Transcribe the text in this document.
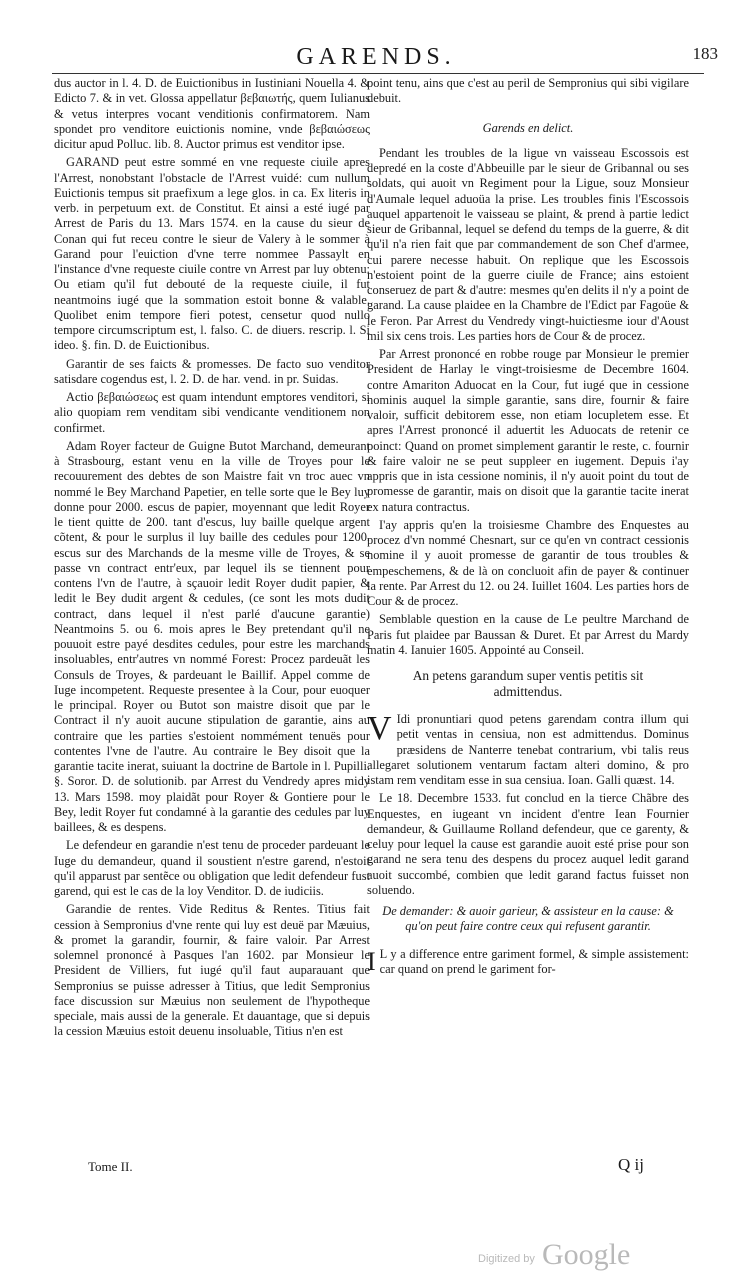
GARENDS.	183

dus auctor in l. 4. D. de Euictionibus in Iustiniani Nouella 4. & Edicto 7. & in vet. Glossa appellatur βεβαιωτής, quem Iulianus & vetus interpres vocant venditionis confirmatorem. Nam spondet pro venditore euictionis nomine, vnde βεβαιώσεως dicitur apud Polluc. lib. 8. Auctor primus est venditor ipse.

GARAND peut estre sommé en vne requeste ciuile apres l'Arrest, nonobstant l'obstacle de l'Arrest vuidé: cum nullum Euictionis tempus sit praefixum a lege glos. in ca. Ex literis in verb. in perpetuum ext. de Constitut. Et ainsi a esté iugé par Arrest de Paris du 13. Mars 1574. en la cause du sieur de Conan qui fut receu contre le sieur de Valery à le sommer à Garand pour l'euiction d'vne terre nommee Passaylt en l'instance d'vne requeste ciuile contre vn Arrest par luy obtenu: Ou etiam qu'il fut debouté de la requeste ciuile, il fut neantmoins iugé que la sommation estoit bonne & valable. Quolibet enim tempore fieri potest, censetur quod nullo tempore circumscriptum est, l. falso. C. de diuers. rescrip. l. Si ideo. §. fin. D. de Euictionibus.

Garantir de ses faicts & promesses. De facto suo venditor satisdare cogendus est, l. 2. D. de har. vend. in pr. Suidas.

Actio βεβαιώσεως est quam intendunt emptores venditori, si alio quopiam rem venditam sibi vendicante venditionem non confirmet.

Adam Royer facteur de Guigne Butot Marchand, demeurant à Strasbourg, estant venu en la ville de Troyes pour le recouurement des debtes de son Maistre fait vn troc auec vn nommé le Bey Marchand Papetier, en telle sorte que le Bey luy donne pour 2000. escus de papier, moyennant que ledit Royer le tient quitte de 200. tant d'escus, luy baille quelque argent cõtent, & pour le surplus il luy baille des cedules pour 1200. escus sur des Marchands de la mesme ville de Troyes, & se passe vn contract entr'eux, par lequel ils se tiennent pour contens l'vn de l'autre, à sçauoir ledit Royer dudit papier, & ledit le Bey dudit argent & cedules, (ce sont les mots dudit contract, dans lequel il n'est parlé d'aucune garantie) Neantmoins 5. ou 6. mois apres le Bey pretendant qu'il ne pouuoit estre payé desdites cedules, pour estre les marchands insoluables, entr'autres vn nommé Forest: Procez pardeuãt les Consuls de Troyes, & pardeuant le Baillif. Appel comme de Iuge incompetent. Requeste presentee à la Cour, pour euoquer le principal. Royer ou Butot son maistre disoit que par le Contract il n'y auoit aucune stipulation de garantie, ains au contraire que les parties s'estoient nommément tenuës pour contentes l'vne de l'autre. Au contraire le Bey disoit que la garantie tacite inerat, suiuant la doctrine de Bartole in l. Pupilli. §. Soror. D. de solutionib. par Arrest du Vendredy apres midy 13. Mars 1598. moy plaidãt pour Royer & Gontiere pour le Bey, ledit Royer fut condamné à la garantie des cedules par luy baillees, & es despens.

Le defendeur en garandie n'est tenu de proceder pardeuant le Iuge du demandeur, quand il soustient n'estre garend, n'estoit qu'il apparust par sentẽce ou obligation que ledit defendeur fust garend, qui est le cas de la loy Venditor. D. de iudiciis.

Garandie de rentes. Vide Reditus & Rentes. Titius fait cession à Sempronius d'vne rente qui luy est deuë par Mæuius, & promet la garandir, fournir, & faire valoir. Par Arrest solemnel prononcé à Pasques l'an 1602. par Monsieur le President de Villiers, fut iugé qu'il faut auparauant que Sempronius se puisse adresser à Titius, que ledit Sempronius face discussion sur Mæuius non seulement de l'hypotheque speciale, mais aussi de la generale. Et dauantage, que si depuis la cession Mæuius estoit deuenu insoluable, Titius n'en est

point tenu, ains que c'est au peril de Sempronius qui sibi vigilare debuit.

Garends en delict.

Pendant les troubles de la ligue vn vaisseau Escossois est depredé en la coste d'Abbeuille par le sieur de Gribannal ou ses soldats, qui auoit vn Regiment pour la Ligue, souz Monsieur d'Aumale lequel aduoüa la prise. Les troubles finis l'Escossois auquel appartenoit le vaisseau se plaint, & prend à partie ledict sieur de Gribannal, lequel se defend du temps de la guerre, & dit qu'il n'a rien fait que par commandement de son Chef d'armee, cui parere necesse habuit. On replique que les Escossois n'estoient point de la guerre ciuile de France; ains estoient conseruez de part & d'autre: mesmes qu'en delits il n'y a point de garand. La cause plaidee en la Chambre de l'Edict par Fagoüe & le Feron. Par Arrest du Vendredy vingt-huictiesme iour d'Aoust mil six cens trois. Les parties hors de Cour & de procez.

Par Arrest prononcé en robbe rouge par Monsieur le premier President de Harlay le vingt-troisiesme de Decembre 1604. contre Amariton Aduocat en la Cour, fut iugé que in cessione nominis auquel la simple garantie, sans dire, fournir & faire valoir, sufficit debitorem esse, non etiam locupletem esse. Et apres l'Arrest prononcé il aduertit les Aduocats de retenir ce poinct: Quand on promet simplement garantir le reste, c. fournir & faire valoir ne se peut suppleer en iugement. Depuis i'ay appris que in ista cessione nominis, il n'y auoit point du tout de promesse de garantir, mais on disoit que la garantie tacite inerat ex natura contractus.

I'ay appris qu'en la troisiesme Chambre des Enquestes au procez d'vn nommé Chesnart, sur ce qu'en vn contract cessionis nomine il y auoit promesse de garantir de tous troubles & empeschemens, & de là on concluoit afin de payer & continuer la rente. Par Arrest du 12. ou 24. Iuillet 1604. Les parties hors de Cour & de procez.

Semblable question en la cause de Le peultre Marchand de Paris fut plaidee par Baussan & Duret. Et par Arrest du Mardy matin 4. Ianuier 1605. Appointé au Conseil.

An petens garandum super ventis petitis sit admittendus.

V Idi pronuntiari quod petens garendam contra illum qui petit ventas in censiua, non est admittendus. Dominus præsidens de Nanterre tenebat contrarium, vbi talis reus allegaret solutionem ventarum factam alteri domino, & pro istam rem venditam esse in sua censiua. Ioan. Galli quæst. 14.

Le 18. Decembre 1533. fut conclud en la tierce Chãbre des Enquestes, en iugeant vn incident d'entre Iean Fournier demandeur, & Guillaume Rolland defendeur, que ce garenty, & celuy pour lequel la cause est garandie auoit esté prise pour son garand ne sera tenu des despens du procez auquel ledit garand auoit succombé, combien que ledit garand factus fuisset non soluendo.

De demander: & auoir garieur, & assisteur en la cause: & qu'on peut faire contre ceux qui refusent garantir.

I L y a difference entre gariment formel, & simple assistement: car quand on prend le gariment for-

Tome II.	Q ij
Digitized by Google
